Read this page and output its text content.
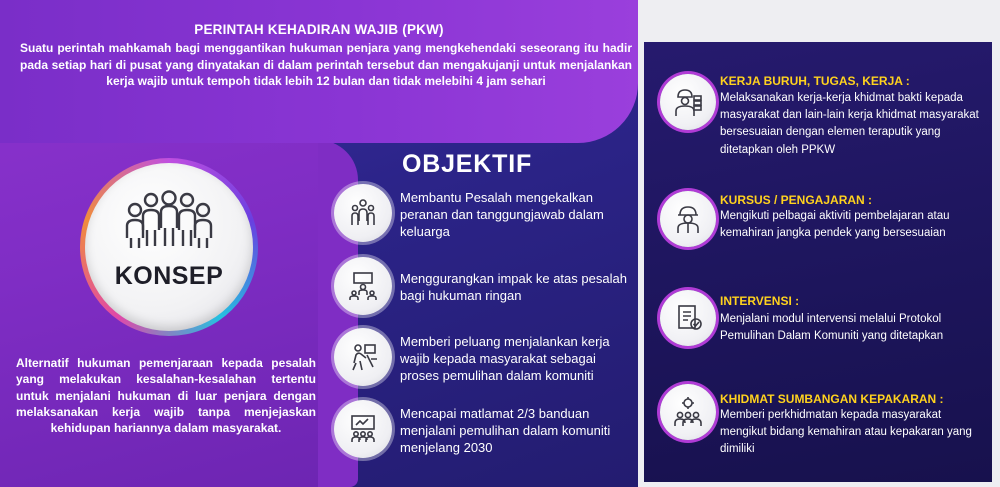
PERINTAH KEHADIRAN WAJIB (PKW)
Suatu perintah mahkamah bagi menggantikan hukuman penjara yang mengkehendaki seseorang itu hadir pada setiap hari di pusat yang dinyatakan di dalam perintah tersebut dan mengakujanji untuk menjalankan kerja wajib untuk tempoh tidak lebih 12 bulan dan tidak melebihi 4 jam sehari
KONSEP
Alternatif hukuman pemenjaraan kepada pesalah yang melakukan kesalahan-kesalahan tertentu untuk menjalani hukuman di luar penjara dengan melaksanakan kerja wajib tanpa menjejaskan kehidupan hariannya dalam masyarakat.
OBJEKTIF
Membantu Pesalah mengekalkan peranan dan tanggungjawab dalam keluarga
Menggurangkan impak ke atas pesalah bagi hukuman ringan
Memberi peluang menjalankan kerja wajib kepada masyarakat sebagai proses pemulihan dalam komuniti
Mencapai matlamat 2/3 banduan menjalani pemulihan dalam komuniti menjelang 2030
KERJA BURUH, TUGAS, KERJA :
Melaksanakan kerja-kerja khidmat bakti kepada masyarakat dan lain-lain kerja khidmat masyarakat bersesuaian dengan elemen teraputik yang ditetapkan oleh PPKW
KURSUS / PENGAJARAN :
Mengikuti pelbagai aktiviti pembelajaran atau kemahiran jangka pendek yang bersesuaian
INTERVENSI :
Menjalani modul intervensi melalui Protokol Pemulihan Dalam Komuniti yang ditetapkan
KHIDMAT SUMBANGAN KEPAKARAN :
Memberi perkhidmatan kepada masyarakat mengikut bidang kemahiran atau kepakaran yang dimiliki
